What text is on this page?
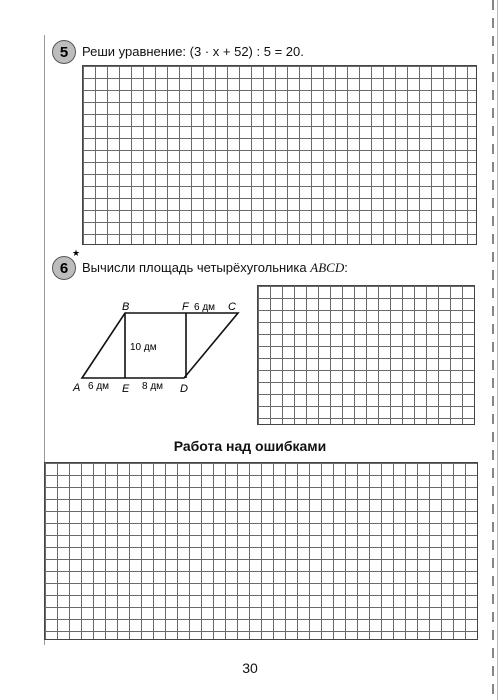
5 Реши уравнение: (3 · x + 52) : 5 = 20.
6
★
Вычисли площадь четырёхугольника ABCD:
B	F 6 дм C
10 дм
A 6 дм E 8 дм D
Работа над ошибками
30
